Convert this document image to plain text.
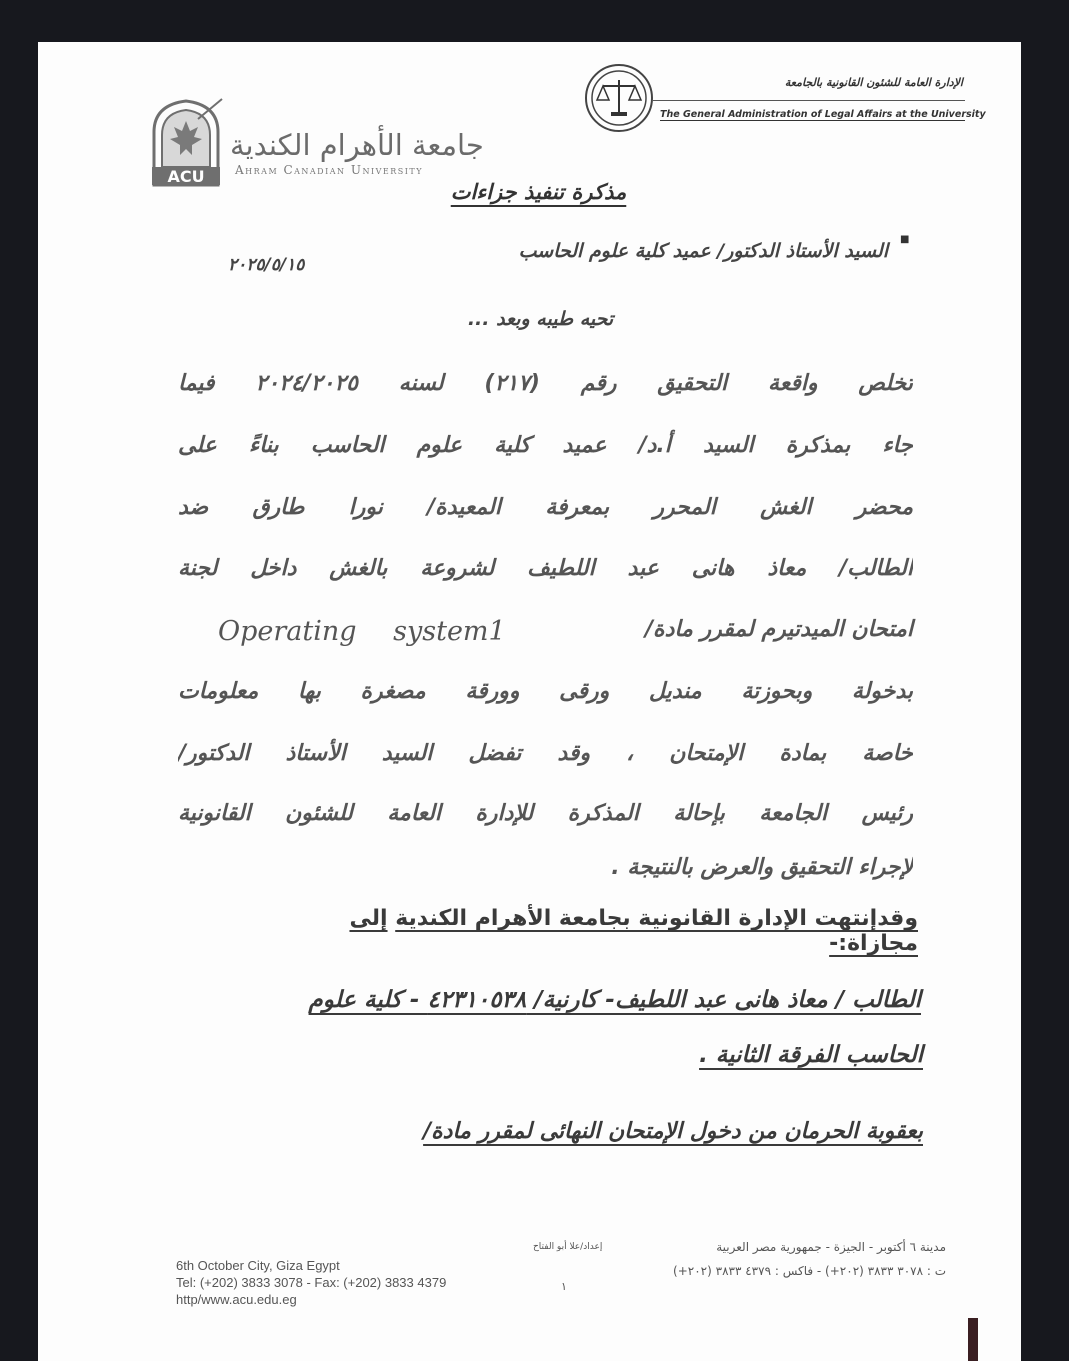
ACU
جامعة الأهرام الكندية
Ahram Canadian University
الإدارة العامة للشئون القانونية بالجامعة
The General Administration of Legal Affairs at the University
مذكرة تنفيذ جزاءات
■
السيد الأستاذ الدكتور/ عميد كلية علوم الحاسب
٢٠٢٥/٥/١٥
تحيه طيبه وبعد ...
تخلص واقعة التحقيق رقم (٢١٧) لسنه ٢٠٢٤/٢٠٢٥ فيما
جاء بمذكرة السيد أ.د/ عميد كلية علوم الحاسب بناءً على
محضر الغش المحرر بمعرفة المعيدة/ نورا طارق ضد
الطالب/ معاذ هانى عبد اللطيف لشروعة بالغش داخل لجنة
امتحان الميدتيرم لمقرر مادة/
Operating system1
بدخولة وبحوزتة منديل ورقى وورقة مصغرة بها معلومات
خاصة بمادة الإمتحان ، وقد تفضل السيد الأستاذ الدكتور/
رئيس الجامعة بإحالة المذكرة للإدارة العامة للشئون القانونية
لإجراء التحقيق والعرض بالنتيجة .
وقدإنتهت الإدارة القانونية بجامعة الأهرام الكندية إلى مجازاة:-
الطالب / معاذ هانى عبد اللطيف- كارنية/ ٤٢٣١٠٥٣٨ - كلية علوم
الحاسب الفرقة الثانية .
بعقوبة الحرمان من دخول الإمتحان النهائى لمقرر مادة/
6th October City, Giza Egypt
Tel: (+202) 3833 3078 - Fax: (+202) 3833 4379
http/www.acu.edu.eg
إعداد/علا أبو الفتاح
١
مدينة ٦ أكتوبر - الجيزة - جمهورية مصر العربية
ت : ٣٠٧٨ ٣٨٣٣ (٢٠٢+) - فاكس : ٤٣٧٩ ٣٨٣٣ (٢٠٢+)
